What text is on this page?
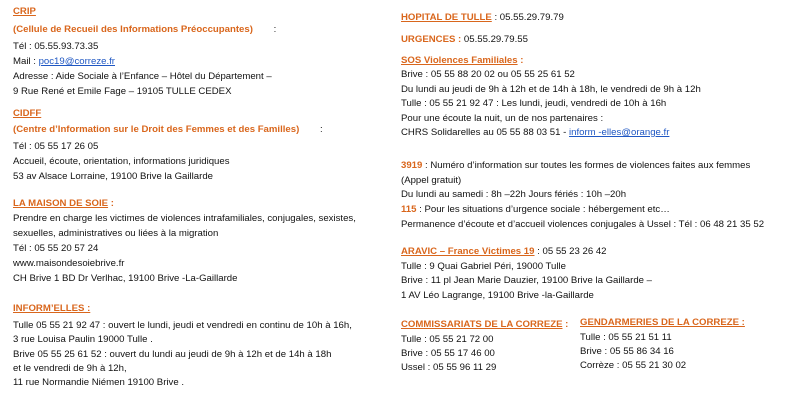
CRIP
(Cellule de Recueil des Informations Préoccupantes) :
Tél : 05.55.93.73.35
Mail : poc19@correze.fr
Adresse : Aide Sociale à l’Enfance – Hôtel du Département –
9 Rue René et Emile Fage – 19105 TULLE CEDEX
CIDFF
(Centre d’Information sur le Droit des Femmes et des Familles) :
Tél : 05 55 17 26 05
Accueil, écoute, orientation, informations juridiques
53 av Alsace Lorraine, 19100 Brive la Gaillarde
LA MAISON DE SOIE :
Prendre en charge les victimes de violences intrafamiliales, conjugales, sexistes,
sexuelles, administratives ou liées à la migration
Tél : 05 55 20 57 24
www.maisondesoiebrive.fr
CH Brive 1 BD Dr Verlhac, 19100 Brive -La-Gaillarde
INFORM’ELLES :
Tulle 05 55 21 92 47 : ouvert le lundi, jeudi et vendredi en continu de 10h à 16h,
3 rue Louisa Paulin 19000 Tulle .
Brive 05 55 25 61 52 : ouvert du lundi au jeudi de 9h à 12h et de 14h à 18h
et le vendredi de 9h à 12h,
11 rue Normandie Niémen 19100 Brive .
HOPITAL DE TULLE : 05.55.29.79.79
URGENCES : 05.55.29.79.55
SOS Violences Familiales :
Brive : 05 55 88 20 02 ou 05 55 25 61 52
Du lundi au jeudi de 9h à 12h et de 14h à 18h, le vendredi de 9h à 12h
Tulle : 05 55 21 92 47 : Les lundi, jeudi, vendredi de 10h à 16h
Pour une écoute la nuit, un de nos partenaires :
CHRS Solidarelles au 05 55 88 03 51 - inform -elles@orange.fr
3919 : Numéro d’information sur toutes les formes de violences faites aux femmes
(Appel gratuit)
Du lundi au samedi : 8h –22h Jours fériés : 10h –20h
115 : Pour les situations d’urgence sociale : hébergement etc…
Permanence d’écoute et d’accueil violences conjugales à Ussel : Tél : 06 48 21 35 52
ARAVIC – France Victimes 19 : 05 55 23 26 42
Tulle : 9 Quai Gabriel Péri, 19000 Tulle
Brive : 11 pl Jean Marie Dauzier, 19100 Brive la Gaillarde –
1 AV Léo Lagrange, 19100 Brive -la-Gaillarde
COMMISSARIATS DE LA CORREZE :
Tulle : 05 55 21 72 00
Brive : 05 55 17 46 00
Ussel : 05 55 96 11 29
GENDARMERIES DE LA CORREZE :
Tulle : 05 55 21 51 11
Brive : 05 55 86 34 16
Corrèze : 05 55 21 30 02
